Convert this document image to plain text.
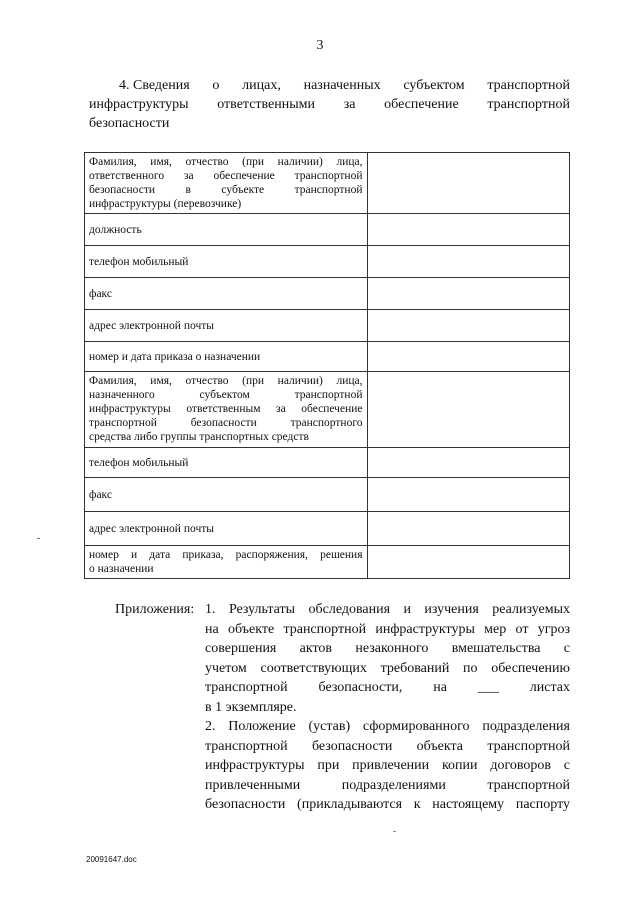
3
4. Сведения о лицах, назначенных субъектом транспортной
инфраструктуры ответственными за обеспечение транспортной
безопасности
Фамилия, имя, отчество (при наличии) лица,
ответственного за обеспечение транспортной
безопасности в субъекте транспортной
инфраструктуры (перевозчике)	

должность	

телефон мобильный	

факс	

адрес электронной почты	

номер и дата приказа о назначении	

Фамилия, имя, отчество (при наличии) лица,
назначенного субъектом транспортной
инфраструктуры ответственным за обеспечение
транспортной безопасности транспортного
средства либо группы транспортных средств	

телефон мобильный	

факс	

адрес электронной почты	

номер и дата приказа, распоряжения, решения
о назначении	

Приложения: 1. Результаты обследования и изучения реализуемых
на объекте транспортной инфраструктуры мер от угроз
совершения актов незаконного вмешательства с
учетом соответствующих требований по обеспечению
транспортной безопасности, на ___ листах
в 1 экземпляре.
2. Положение (устав) сформированного подразделения
транспортной безопасности объекта транспортной
инфраструктуры при привлечении копии договоров с
привлеченными подразделениями транспортной
безопасности (прикладываются к настоящему паспорту
20091647.doc
